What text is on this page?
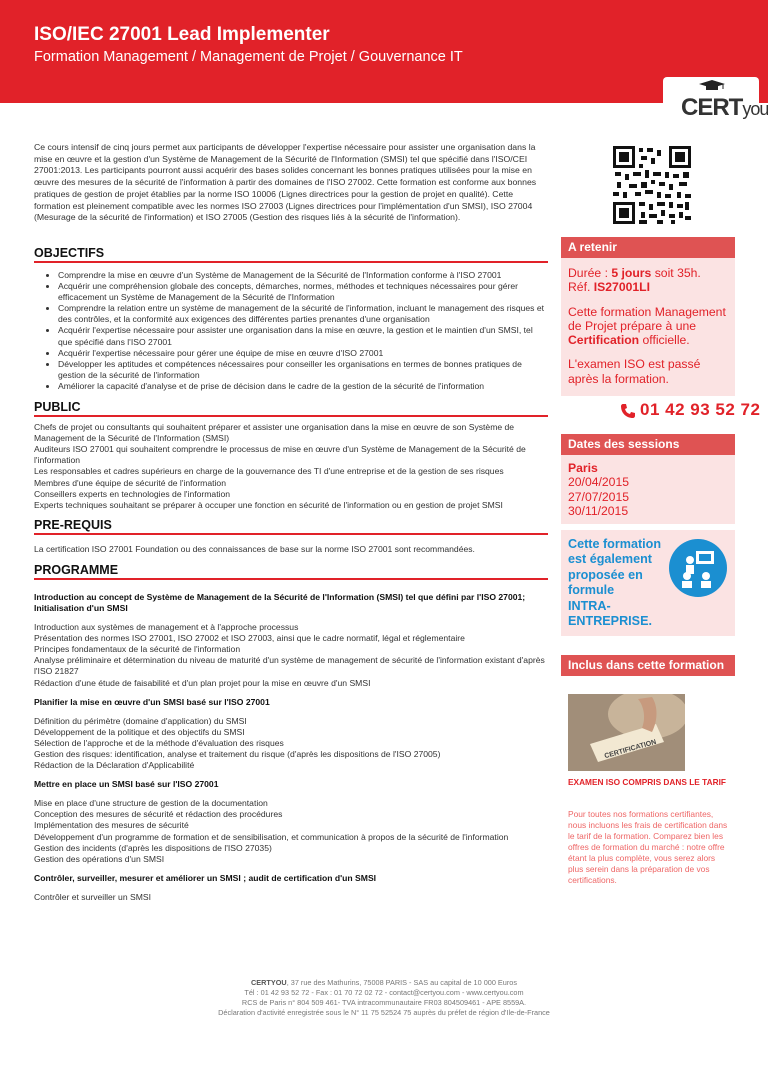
ISO/IEC 27001 Lead Implementer
Formation Management / Management de Projet / Gouvernance IT
CERTyou
Ce cours intensif de cinq jours permet aux participants de développer l'expertise nécessaire pour assister une organisation dans la mise en œuvre et la gestion d'un Système de Management de la Sécurité de l'Information (SMSI) tel que spécifié dans l'ISO/CEI 27001:2013. Les participants pourront aussi acquérir des bases solides concernant les bonnes pratiques utilisées pour la mise en œuvre des mesures de la sécurité de l'information à partir des domaines de l'ISO 27002. Cette formation est conforme aux bonnes pratiques de gestion de projet établies par la norme ISO 10006 (Lignes directrices pour la gestion de projet en qualité). Cette formation est pleinement compatible avec les normes ISO 27003 (Lignes directrices pour l'implémentation d'un SMSI), ISO 27004 (Mesurage de la sécurité de l'information) et ISO 27005 (Gestion des risques liés à la sécurité de l'information).
OBJECTIFS
• Comprendre la mise en œuvre d'un Système de Management de la Sécurité de l'Information conforme à l'ISO 27001
• Acquérir une compréhension globale des concepts, démarches, normes, méthodes et techniques nécessaires pour gérer efficacement un Système de Management de la Sécurité de l'Information
• Comprendre la relation entre un système de management de la sécurité de l'information, incluant le management des risques et des contrôles, et la conformité aux exigences des différentes parties prenantes d'une organisation
• Acquérir l'expertise nécessaire pour assister une organisation dans la mise en œuvre, la gestion et le maintien d'un SMSI, tel que spécifié dans l'ISO 27001
• Acquérir l'expertise nécessaire pour gérer une équipe de mise en œuvre d'ISO 27001
• Développer les aptitudes et compétences nécessaires pour conseiller les organisations en termes de bonnes pratiques de gestion de la sécurité de l'information
• Améliorer la capacité d'analyse et de prise de décision dans le cadre de la gestion de la sécurité de l'information
PUBLIC
Chefs de projet ou consultants qui souhaitent préparer et assister une organisation dans la mise en œuvre de son Système de Management de la Sécurité de l'Information (SMSI)
Auditeurs ISO 27001 qui souhaitent comprendre le processus de mise en œuvre d'un Système de Management de la Sécurité de l'information
Les responsables et cadres supérieurs en charge de la gouvernance des TI d'une entreprise et de la gestion de ses risques
Membres d'une équipe de sécurité de l'information
Conseillers experts en technologies de l'information
Experts techniques souhaitant se préparer à occuper une fonction en sécurité de l'information ou en gestion de projet SMSI
PRE-REQUIS
La certification ISO 27001 Foundation ou des connaissances de base sur la norme ISO 27001 sont recommandées.
PROGRAMME
Introduction au concept de Système de Management de la Sécurité de l'Information (SMSI) tel que défini par l'ISO 27001; Initialisation d'un SMSI
Introduction aux systèmes de management et à l'approche processus
Présentation des normes ISO 27001, ISO 27002 et ISO 27003, ainsi que le cadre normatif, légal et réglementaire
Principes fondamentaux de la sécurité de l'information
Analyse préliminaire et détermination du niveau de maturité d'un système de management de sécurité de l'information existant d'après l'ISO 21827
Rédaction d'une étude de faisabilité et d'un plan projet pour la mise en œuvre d'un SMSI
Planifier la mise en œuvre d'un SMSI basé sur l'ISO 27001
Définition du périmètre (domaine d'application) du SMSI
Développement de la politique et des objectifs du SMSI
Sélection de l'approche et de la méthode d'évaluation des risques
Gestion des risques: identification, analyse et traitement du risque (d'après les dispositions de l'ISO 27005)
Rédaction de la Déclaration d'Applicabilité
Mettre en place un SMSI basé sur l'ISO 27001
Mise en place d'une structure de gestion de la documentation
Conception des mesures de sécurité et rédaction des procédures
Implémentation des mesures de sécurité
Développement d'un programme de formation et de sensibilisation, et communication à propos de la sécurité de l'information
Gestion des incidents (d'après les dispositions de l'ISO 27035)
Gestion des opérations d'un SMSI
Contrôler, surveiller, mesurer et améliorer un SMSI ; audit de certification d'un SMSI
Contrôler et surveiller un SMSI
A retenir
Durée : 5 jours soit 35h.
Réf. IS27001LI
Cette formation Management de Projet prépare à une Certification officielle.
L'examen ISO est passé après la formation.
01 42 93 52 72
Dates des sessions
Paris
20/04/2015
27/07/2015
30/11/2015
Cette formation est également proposée en formule
INTRA-ENTREPRISE.
Inclus dans cette formation
CERTIFICATION
EXAMEN ISO COMPRIS DANS LE TARIF
Pour toutes nos formations certifiantes, nous incluons les frais de certification dans le tarif de la formation. Comparez bien les offres de formation du marché : notre offre étant la plus complète, vous serez alors plus serein dans la préparation de vos certifications.
CERTYOU, 37 rue des Mathurins, 75008 PARIS - SAS au capital de 10 000 Euros
Tél : 01 42 93 52 72 - Fax : 01 70 72 02 72 - contact@certyou.com - www.certyou.com
RCS de Paris n° 804 509 461- TVA intracommunautaire FR03 804509461 - APE 8559A.
Déclaration d'activité enregistrée sous le N° 11 75 52524 75 auprès du préfet de région d'Ile-de-France
